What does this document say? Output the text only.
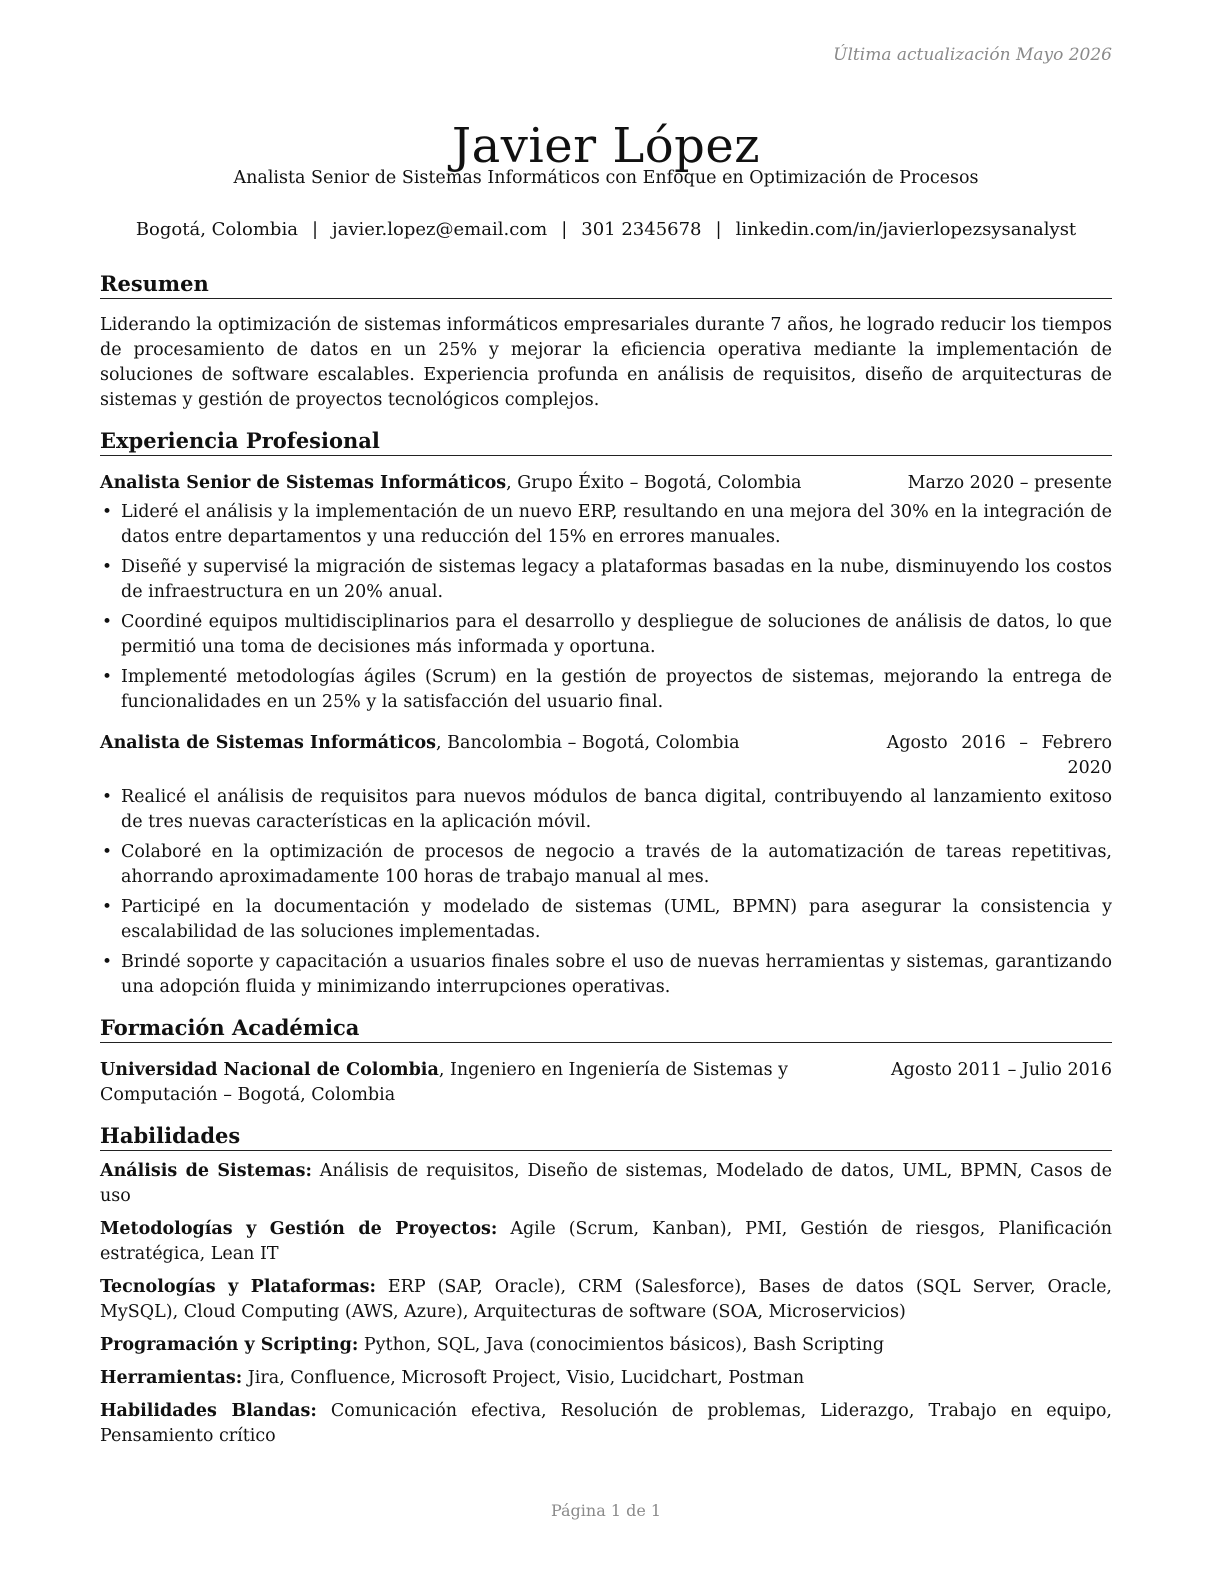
Última actualización Mayo 2026
Javier López
Analista Senior de Sistemas Informáticos con Enfoque en Optimización de Procesos
Bogotá, Colombia | javier.lopez@email.com | 301 2345678 | linkedin.com/in/javierlopezsysanalyst
Resumen

Liderando la optimización de sistemas informáticos empresariales durante 7 años, he logrado reducir los tiempos de procesamiento de datos en un 25% y mejorar la eficiencia operativa mediante la implementación de soluciones de software escalables. Experiencia profunda en análisis de requisitos, diseño de arquitecturas de sistemas y gestión de proyectos tecnológicos complejos.

Experiencia Profesional
Analista Senior de Sistemas Informáticos, Grupo Éxito – Bogotá, Colombia	Marzo 2020 – presente
• Lideré el análisis y la implementación de un nuevo ERP, resultando en una mejora del 30% en la integración de datos entre departamentos y una reducción del 15% en errores manuales.
• Diseñé y supervisé la migración de sistemas legacy a plataformas basadas en la nube, disminuyendo los costos de infraestructura en un 20% anual.
• Coordiné equipos multidisciplinarios para el desarrollo y despliegue de soluciones de análisis de datos, lo que permitió una toma de decisiones más informada y oportuna.
• Implementé metodologías ágiles (Scrum) en la gestión de proyectos de sistemas, mejorando la entrega de funcionalidades en un 25% y la satisfacción del usuario final.
Analista de Sistemas Informáticos, Bancolombia – Bogotá, Colombia	Agosto 2016 – Febrero 2020
• Realicé el análisis de requisitos para nuevos módulos de banca digital, contribuyendo al lanzamiento exitoso de tres nuevas características en la aplicación móvil.
• Colaboré en la optimización de procesos de negocio a través de la automatización de tareas repetitivas, ahorrando aproximadamente 100 horas de trabajo manual al mes.
• Participé en la documentación y modelado de sistemas (UML, BPMN) para asegurar la consistencia y escalabilidad de las soluciones implementadas.
• Brindé soporte y capacitación a usuarios finales sobre el uso de nuevas herramientas y sistemas, garantizando una adopción fluida y minimizando interrupciones operativas.
Formación Académica
Universidad Nacional de Colombia, Ingeniero en Ingeniería de Sistemas y Computación – Bogotá, Colombia
Agosto 2011 – Julio 2016
Habilidades
Análisis de Sistemas: Análisis de requisitos, Diseño de sistemas, Modelado de datos, UML, BPMN, Casos de uso
Metodologías y Gestión de Proyectos: Agile (Scrum, Kanban), PMI, Gestión de riesgos, Planificación estratégica, Lean IT
Tecnologías y Plataformas: ERP (SAP, Oracle), CRM (Salesforce), Bases de datos (SQL Server, Oracle, MySQL), Cloud Computing (AWS, Azure), Arquitecturas de software (SOA, Microservicios)
Programación y Scripting: Python, SQL, Java (conocimientos básicos), Bash Scripting
Herramientas: Jira, Confluence, Microsoft Project, Visio, Lucidchart, Postman
Habilidades Blandas: Comunicación efectiva, Resolución de problemas, Liderazgo, Trabajo en equipo, Pensamiento crítico
Página 1 de 1
